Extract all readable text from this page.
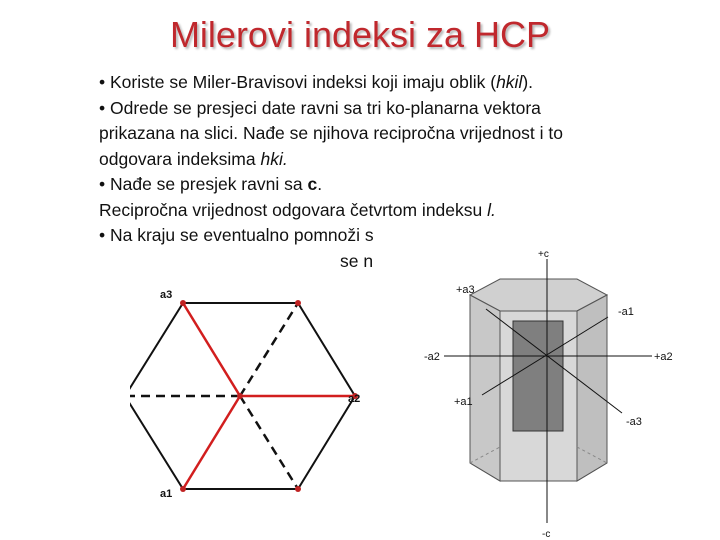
Milerovi indeksi za HCP

• Koriste se Miler-Bravisovi indeksi koji imaju oblik (hkil).

• Odrede se presjeci date ravni sa tri ko-planarna vektora

prikazana na slici. Nađe se njihova recipročna vrijednost i to

odgovara indeksima hki.

• Nađe se presjek ravni sa c.

Recipročna vrijednost odgovara četvrtom indeksu l.

• Na kraju se eventualno pomnoži s

se n

a3
a2
a1
+c
-c
+a3
-a3
-a1
+a1
-a2	+a2
